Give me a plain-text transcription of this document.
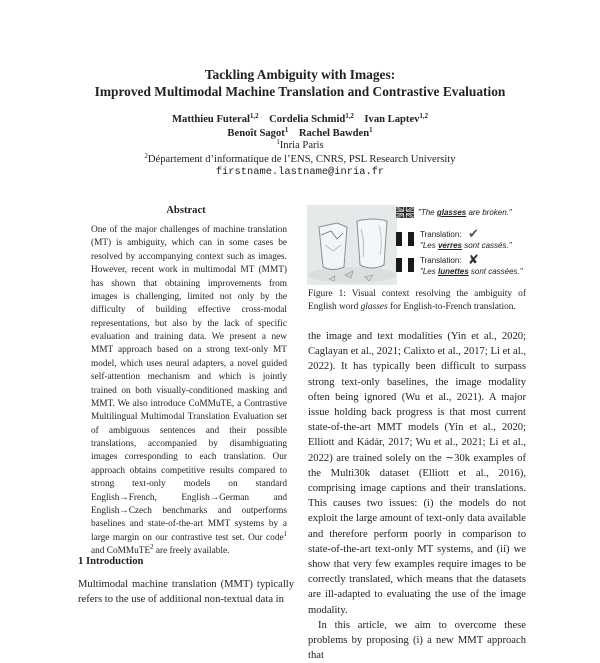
Tackling Ambiguity with Images:
Improved Multimodal Machine Translation and Contrastive Evaluation
Matthieu Futeral$^{1,2}$ Cordelia Schmid$^{1,2}$ Ivan Laptev$^{1,2}$
Benoît Sagot$^1$ Rachel Bawden$^1$
$^1$Inria Paris
$^2$Département d’informatique de l’ENS, CNRS, PSL Research University
firstname.lastname@inria.fr
Abstract
One of the major challenges of machine translation (MT) is ambiguity, which can in some cases be resolved by accompanying context such as images. However, recent work in multimodal MT (MMT) has shown that obtaining improvements from images is challenging, limited not only by the difficulty of building effective cross-modal representations, but also by the lack of specific evaluation and training data. We present a new MMT approach based on a strong text-only MT model, which uses neural adapters, a novel guided self-attention mechanism and which is jointly trained on both visually-conditioned masking and MMT. We also introduce CoMMuTE, a Contrastive Multilingual Multimodal Translation Evaluation set of ambiguous sentences and their possible translations, accompanied by disambiguating images corresponding to each translation. Our approach obtains competitive results compared to strong text-only models on standard English→French, English→German and English→Czech benchmarks and outperforms baselines and state-of-the-art MMT systems by a large margin on our contrastive test set. Our code$^1$ and CoMMuTE$^2$ are freely available.
1 Introduction
Multimodal machine translation (MMT) typically refers to the use of additional non-textual data in
"The glasses are broken."
Translation: ✔
"Les verres sont cassés."
Translation: ✘
"Les lunettes sont cassées."
Figure 1: Visual context resolving the ambiguity of English word glasses for English-to-French translation.
the image and text modalities (Yin et al., 2020; Caglayan et al., 2021; Calixto et al., 2017; Li et al., 2022). It has typically been difficult to surpass strong text-only baselines, the image modality often being ignored (Wu et al., 2021). A major issue holding back progress is that most current state-of-the-art MMT models (Yin et al., 2020; Elliott and Kádár, 2017; Wu et al., 2021; Li et al., 2022) are trained solely on the ∼30k examples of the Multi30k dataset (Elliott et al., 2016), comprising image captions and their translations. This causes two issues: (i) the models do not exploit the large amount of text-only data available and therefore perform poorly in comparison to state-of-the-art text-only MT systems, and (ii) we show that very few examples require images to be correctly translated, which means that the datasets are ill-adapted to evaluating the use of the image modality.
In this article, we aim to overcome these problems by proposing (i) a new MMT approach that
